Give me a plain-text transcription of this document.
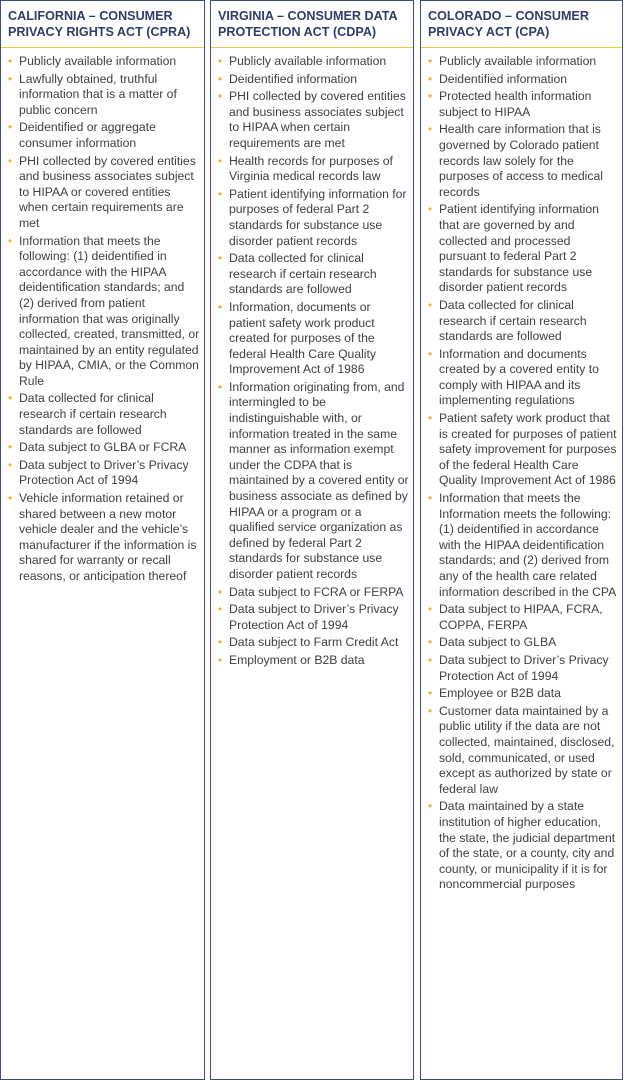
CALIFORNIA – CONSUMER PRIVACY RIGHTS ACT (CPRA)
• Publicly available information
• Lawfully obtained, truthful information that is a matter of public concern
• Deidentified or aggregate consumer information
• PHI collected by covered entities and business associates subject to HIPAA or covered entities when certain requirements are met
• Information that meets the following: (1) deidentified in accordance with the HIPAA deidentification standards; and (2) derived from patient information that was originally collected, created, transmitted, or maintained by an entity regulated by HIPAA, CMIA, or the Common Rule
• Data collected for clinical research if certain research standards are followed
• Data subject to GLBA or FCRA
• Data subject to Driver’s Privacy Protection Act of 1994
• Vehicle information retained or shared between a new motor vehicle dealer and the vehicle’s manufacturer if the information is shared for warranty or recall reasons, or anticipation thereof
VIRGINIA – CONSUMER DATA PROTECTION ACT (CDPA)
• Publicly available information
• Deidentified information
• PHI collected by covered entities and business associates subject to HIPAA when certain requirements are met
• Health records for purposes of Virginia medical records law
• Patient identifying information for purposes of federal Part 2 standards for substance use disorder patient records
• Data collected for clinical research if certain research standards are followed
• Information, documents or patient safety work product created for purposes of the federal Health Care Quality Improvement Act of 1986
• Information originating from, and intermingled to be indistinguishable with, or information treated in the same manner as information exempt under the CDPA that is maintained by a covered entity or business associate as defined by HIPAA or a program or a qualified service organization as defined by federal Part 2 standards for substance use disorder patient records
• Data subject to FCRA or FERPA
• Data subject to Driver’s Privacy Protection Act of 1994
• Data subject to Farm Credit Act
• Employment or B2B data
COLORADO – CONSUMER PRIVACY ACT (CPA)
• Publicly available information
• Deidentified information
• Protected health information subject to HIPAA
• Health care information that is governed by Colorado patient records law solely for the purposes of access to medical records
• Patient identifying information that are governed by and collected and processed pursuant to federal Part 2 standards for substance use disorder patient records
• Data collected for clinical research if certain research standards are followed
• Information and documents created by a covered entity to comply with HIPAA and its implementing regulations
• Patient safety work product that is created for purposes of patient safety improvement for purposes of the federal Health Care Quality Improvement Act of 1986
• Information that meets the Information meets the following: (1) deidentified in accordance with the HIPAA deidentification standards; and (2) derived from any of the health care related information described in the CPA
• Data subject to HIPAA, FCRA, COPPA, FERPA
• Data subject to GLBA
• Data subject to Driver’s Privacy Protection Act of 1994
• Employee or B2B data
• Customer data maintained by a public utility if the data are not collected, maintained, disclosed, sold, communicated, or used except as authorized by state or federal law
• Data maintained by a state institution of higher education, the state, the judicial department of the state, or a county, city and county, or municipality if it is for noncommercial purposes
